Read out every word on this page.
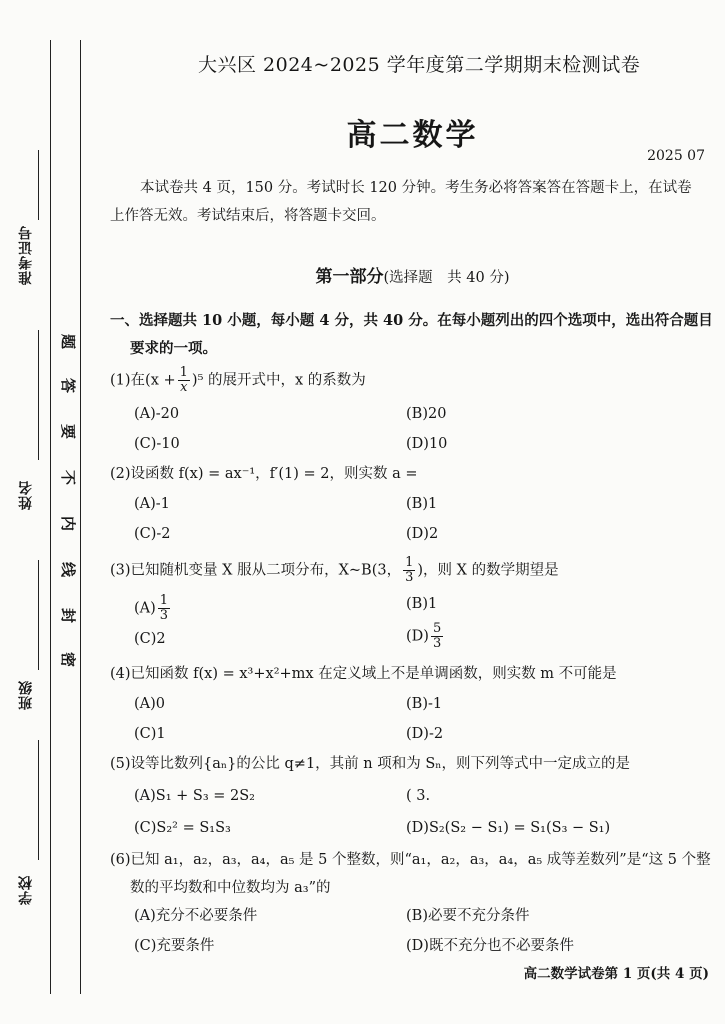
准考证号
姓名
班级
学校
题
答
要
不
内
线
封
密
大兴区 2024~2025 学年度第二学期期末检测试卷
高二数学
2025 07
本试卷共 4 页，150 分。考试时长 120 分钟。考生务必将答案答在答题卡上，在试卷
上作答无效。考试结束后，将答题卡交回。
第一部分(选择题　共 40 分)
一、选择题共 10 小题，每小题 4 分，共 40 分。在每小题列出的四个选项中，选出符合题目
要求的一项。
(1)在$(x + \frac{1}{x} )^5$ 的展开式中，x 的系数为
(A)-20	(B)20
(C)-10	(D)10
(2)设函数 f(x) = ax⁻¹，f′(1) = 2，则实数 a =
(A)-1	(B)1
(C)-2	(D)2
(3)已知随机变量 X 服从二项分布，X~B(3， $\frac{1}{3}$ )，则 X 的数学期望是
$(A) \frac{1}{3}$	(B)1
(C)2	$(D) \frac{5}{3}$
(4)已知函数 f(x) = x³+x²+mx 在定义域上不是单调函数，则实数 m 不可能是
(A)0	(B)-1
(C)1	(D)-2
(5)设等比数列{aₙ}的公比 q≠1，其前 n 项和为 Sₙ，则下列等式中一定成立的是
(A)S₁ + S₃ = 2S₂	( 3.
(C)S₂² = S₁S₃	(D)S₂(S₂ − S₁) = S₁(S₃ − S₁)
(6)已知 a₁，a₂，a₃，a₄，a₅ 是 5 个整数，则“a₁，a₂，a₃，a₄，a₅ 成等差数列”是“这 5 个整
数的平均数和中位数均为 a₃”的
(A)充分不必要条件	(B)必要不充分条件
(C)充要条件	(D)既不充分也不必要条件
高二数学试卷第 1 页(共 4 页)
